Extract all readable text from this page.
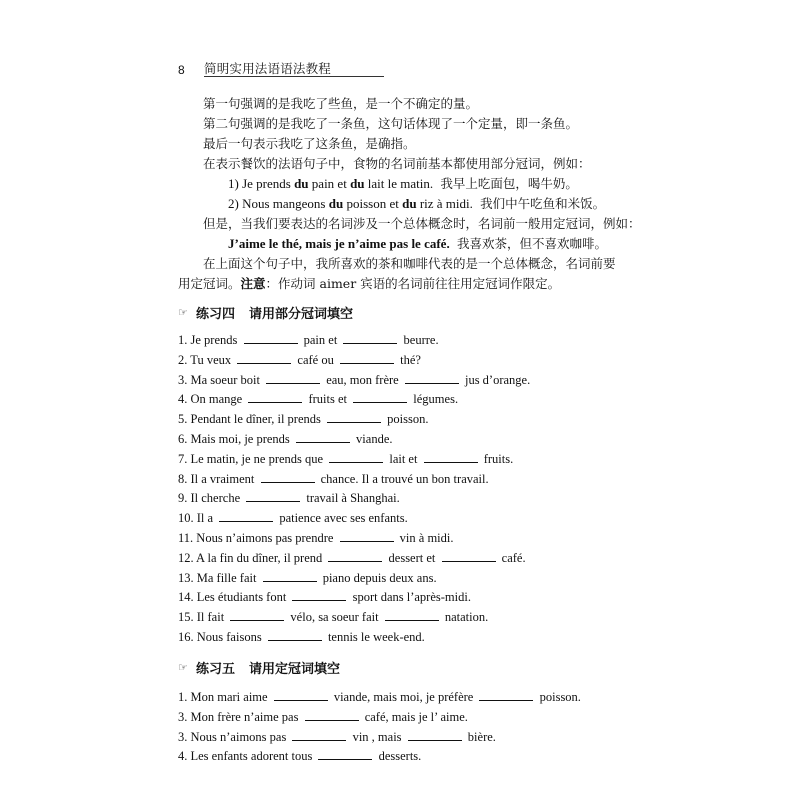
8	简明实用法语语法教程
第一句强调的是我吃了些鱼，是一个不确定的量。
第二句强调的是我吃了一条鱼，这句话体现了一个定量，即一条鱼。
最后一句表示我吃了这条鱼，是确指。
在表示餐饮的法语句子中，食物的名词前基本都使用部分冠词，例如：
1) Je prends du pain et du lait le matin. 我早上吃面包，喝牛奶。
2) Nous mangeons du poisson et du riz à midi. 我们中午吃鱼和米饭。
但是，当我们要表达的名词涉及一个总体概念时，名词前一般用定冠词，例如：
J’aime le thé, mais je n’aime pas le café. 我喜欢茶，但不喜欢咖啡。
在上面这个句子中，我所喜欢的茶和咖啡代表的是一个总体概念，名词前要
用定冠词。注意：作动词 aimer 宾语的名词前往往用定冠词作限定。
☞ 练习四 请用部分冠词填空
1. Je prends	pain et	beurre.
2. Tu veux	café ou	thé?
3. Ma soeur boit	eau, mon frère	jus d’orange.
4. On mange	fruits et	légumes.
5. Pendant le dîner, il prends	poisson.
6. Mais moi, je prends	viande.
7. Le matin, je ne prends que	lait et	fruits.
8. Il a vraiment	chance. Il a trouvé un bon travail.
9. Il cherche	travail à Shanghai.
10. Il a	patience avec ses enfants.
11. Nous n’aimons pas prendre	vin à midi.
12. A la fin du dîner, il prend	dessert et	café.
13. Ma fille fait	piano depuis deux ans.
14. Les étudiants font	sport dans l’après-midi.
15. Il fait	vélo, sa soeur fait	natation.
16. Nous faisons	tennis le week-end.
☞ 练习五 请用定冠词填空
1. Mon mari aime	viande, mais moi, je préfère	poisson.
3. Mon frère n’aime pas	café, mais je l’ aime.
3. Nous n’aimons pas	vin , mais	bière.
4. Les enfants adorent tous	desserts.
